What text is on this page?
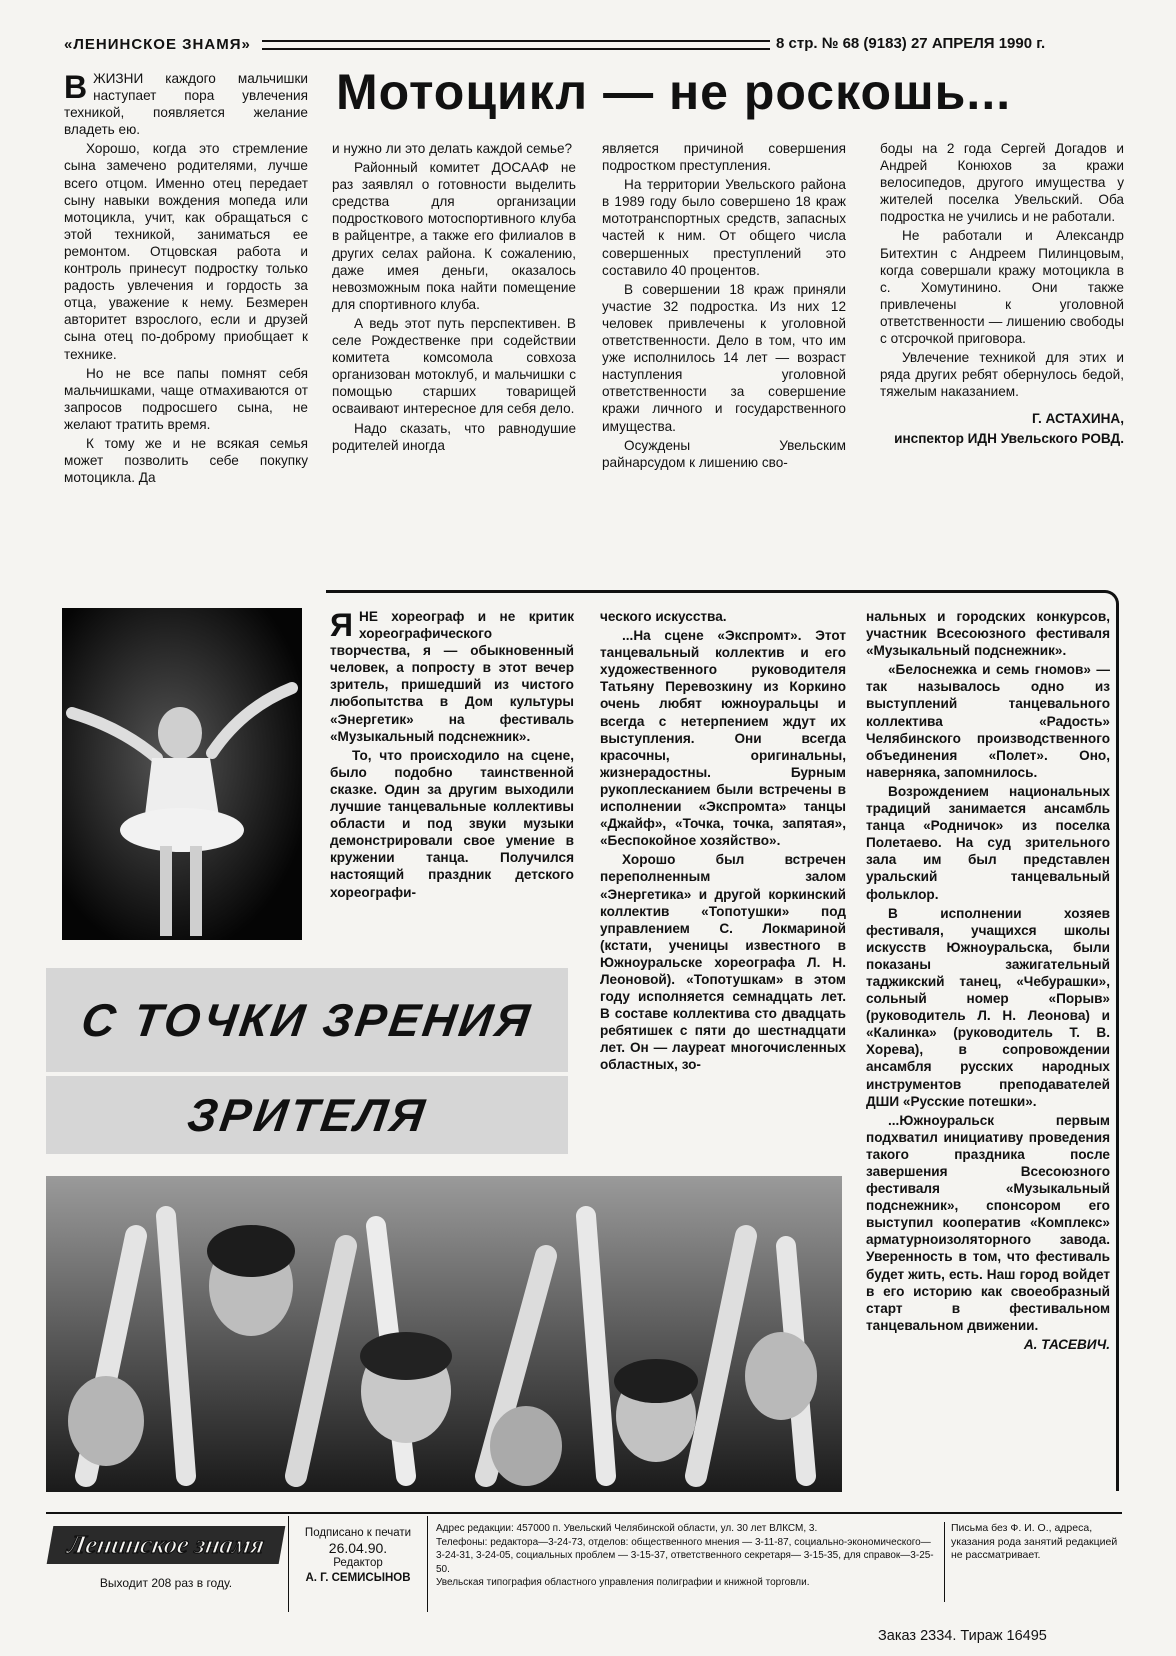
«ЛЕНИНСКОЕ ЗНАМЯ»	8 стр. № 68 (9183) 27 АПРЕЛЯ 1990 г.
Мотоцикл — не роскошь...

ВЖИЗНИ каждого мальчишки наступает пора увлечения техникой, появляется желание владеть ею.

Хорошо, когда это стремление сына замечено родителями, лучше всего отцом. Именно отец передает сыну навыки вождения мопеда или мотоцикла, учит, как обращаться с этой техникой, заниматься ее ремонтом. Отцовская работа и контроль принесут подростку только радость увлечения и гордость за отца, уважение к нему. Безмерен авторитет взрослого, если и друзей сына отец по-доброму приобщает к технике.

Но не все папы помнят себя мальчишками, чаще отмахиваются от запросов подросшего сына, не желают тратить время.

К тому же и не всякая семья может позволить себе покупку мотоцикла. Да

и нужно ли это делать каждой семье?

Районный комитет ДОСААФ не раз заявлял о готовности выделить средства для организации подросткового мотоспортивного клуба в райцентре, а также его филиалов в других селах района. К сожалению, даже имея деньги, оказалось невозможным пока найти помещение для спортивного клуба.

А ведь этот путь перспективен. В селе Рождественке при содействии комитета комсомола совхоза организован мотоклуб, и мальчишки с помощью старших товарищей осваивают интересное для себя дело.

Надо сказать, что равнодушие родителей иногда

является причиной совершения подростком преступления.

На территории Увельского района в 1989 году было совершено 18 краж мототранспортных средств, запасных частей к ним. От общего числа совершенных преступлений это составило 40 процентов.

В совершении 18 краж приняли участие 32 подростка. Из них 12 человек привлечены к уголовной ответственности. Дело в том, что им уже исполнилось 14 лет — возраст наступления уголовной ответственности за совершение кражи личного и государственного имущества.

Осуждены Увельским райнарсудом к лишению сво-

боды на 2 года Сергей Догадов и Андрей Конюхов за кражи велосипедов, другого имущества у жителей поселка Увельский. Оба подростка не учились и не работали.

Не работали и Александр Битехтин с Андреем Пилинцовым, когда совершали кражу мотоцикла в с. Хомутинино. Они также привлечены к уголовной ответственности — лишению свободы с отсрочкой приговора.

Увлечение техникой для этих и ряда других ребят обернулось бедой, тяжелым наказанием.

Г. АСТАХИНА,

инспектор ИДН Увельского РОВД.

ЯНЕ хореограф и не критик хореографического творчества, я — обыкновенный человек, а попросту в этот вечер зритель, пришедший из чистого любопытства в Дом культуры «Энергетик» на фестиваль «Музыкальный подснежник».

То, что происходило на сцене, было подобно таинственной сказке. Один за другим выходили лучшие танцевальные коллективы области и под звуки музыки демонстрировали свое умение в кружении танца. Получился настоящий праздник детского хореографи-

ческого искусства.

...На сцене «Экспромт». Этот танцевальный коллектив и его художественного руководителя Татьяну Перевозкину из Коркино очень любят южноуральцы и всегда с нетерпением ждут их выступления. Они всегда красочны, оригинальны, жизнерадостны. Бурным рукоплесканием были встречены в исполнении «Экспромта» танцы «Джайф», «Точка, точка, запятая», «Беспокойное хозяйство».

Хорошо был встречен переполненным залом «Энергетика» и другой коркинский коллектив «Топотушки» под управлением С. Локмариной (кстати, ученицы известного в Южноуральске хореографа Л. Н. Леоновой). «Топотушкам» в этом году исполняется семнадцать лет. В составе коллектива сто двадцать ребятишек с пяти до шестнадцати лет. Он — лауреат многочисленных областных, зо-

нальных и городских конкурсов, участник Всесоюзного фестиваля «Музыкальный подснежник».

«Белоснежка и семь гномов» — так называлось одно из выступлений танцевального коллектива «Радость» Челябинского производственного объединения «Полет». Оно, наверняка, запомнилось.

Возрождением национальных традиций занимается ансамбль танца «Родничок» из поселка Полетаево. На суд зрительного зала им был представлен уральский танцевальный фольклор.

В исполнении хозяев фестиваля, учащихся школы искусств Южноуральска, были показаны зажигательный таджикский танец, «Чебурашки», сольный номер «Порыв» (руководитель Л. Н. Леонова) и «Калинка» (руководитель Т. В. Хорева), в сопровождении ансамбля русских народных инструментов преподавателей ДШИ «Русские потешки».

...Южноуральск первым подхватил инициативу проведения такого праздника после завершения Всесоюзного фестиваля «Музыкальный подснежник», спонсором его выступил кооператив «Комплекс» арматурноизоляторного завода. Уверенность в том, что фестиваль будет жить, есть. Наш город войдет в его историю как своеобразный старт в фестивальном танцевальном движении.

А. ТАСЕВИЧ.

С ТОЧКИ ЗРЕНИЯ
ЗРИТЕЛЯ
Ленинское знамя
Выходит 208 раз в году.
Подписано к печати
26.04.90.
Редактор
А. Г. СЕМИСЫНОВ
Адрес редакции: 457000 п. Увельский Челябинской области, ул. 30 лет ВЛКСМ, 3.
Телефоны: редактора—3-24-73, отделов: общественного мнения — 3-11-87, социально-экономического—3-24-31, 3-24-05, социальных проблем — 3-15-37, ответственного секретаря— 3-15-35, для справок—3-25-50.
Увельская типография областного управления полиграфии и книжной торговли.
Письма без Ф. И. О., адреса, указания рода занятий редакцией не рассматривает.
Заказ 2334. Тираж 16495
